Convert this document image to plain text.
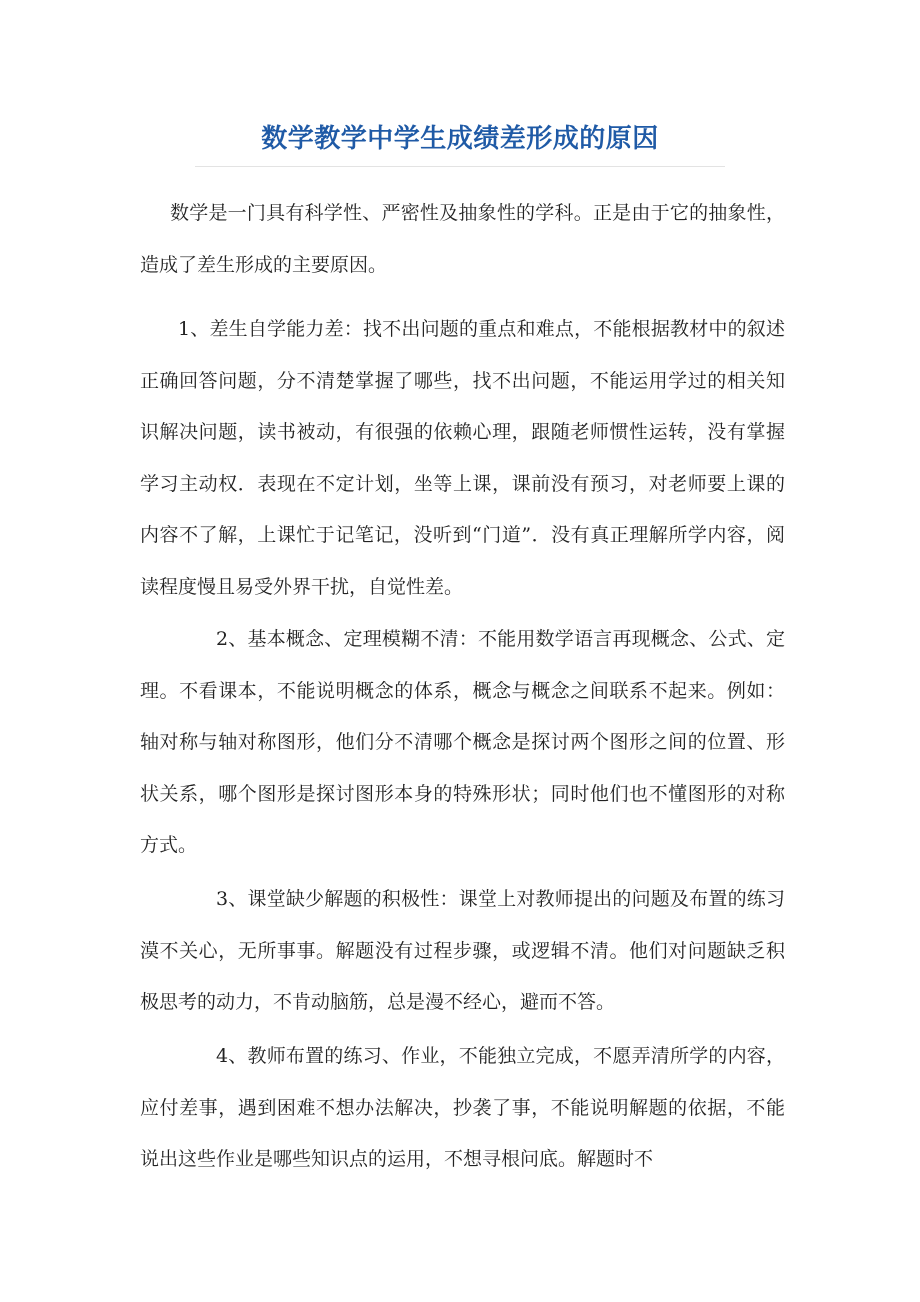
数学教学中学生成绩差形成的原因

数学是一门具有科学性、严密性及抽象性的学科。正是由于它的抽象性，造成了差生形成的主要原因。

1、差生自学能力差：找不出问题的重点和难点，不能根据教材中的叙述正确回答问题，分不清楚掌握了哪些，找不出问题，不能运用学过的相关知识解决问题，读书被动，有很强的依赖心理，跟随老师惯性运转，没有掌握学习主动权．表现在不定计划，坐等上课，课前没有预习，对老师要上课的内容不了解，上课忙于记笔记，没听到“门道”．没有真正理解所学内容，阅读程度慢且易受外界干扰，自觉性差。

2、基本概念、定理模糊不清：不能用数学语言再现概念、公式、定理。不看课本，不能说明概念的体系，概念与概念之间联系不起来。例如：轴对称与轴对称图形，他们分不清哪个概念是探讨两个图形之间的位置、形状关系，哪个图形是探讨图形本身的特殊形状；同时他们也不懂图形的对称方式。

3、课堂缺少解题的积极性：课堂上对教师提出的问题及布置的练习漠不关心，无所事事。解题没有过程步骤，或逻辑不清。他们对问题缺乏积极思考的动力，不肯动脑筋，总是漫不经心，避而不答。

4、教师布置的练习、作业，不能独立完成，不愿弄清所学的内容，应付差事，遇到困难不想办法解决，抄袭了事，不能说明解题的依据，不能说出这些作业是哪些知识点的运用，不想寻根问底。解题时不
